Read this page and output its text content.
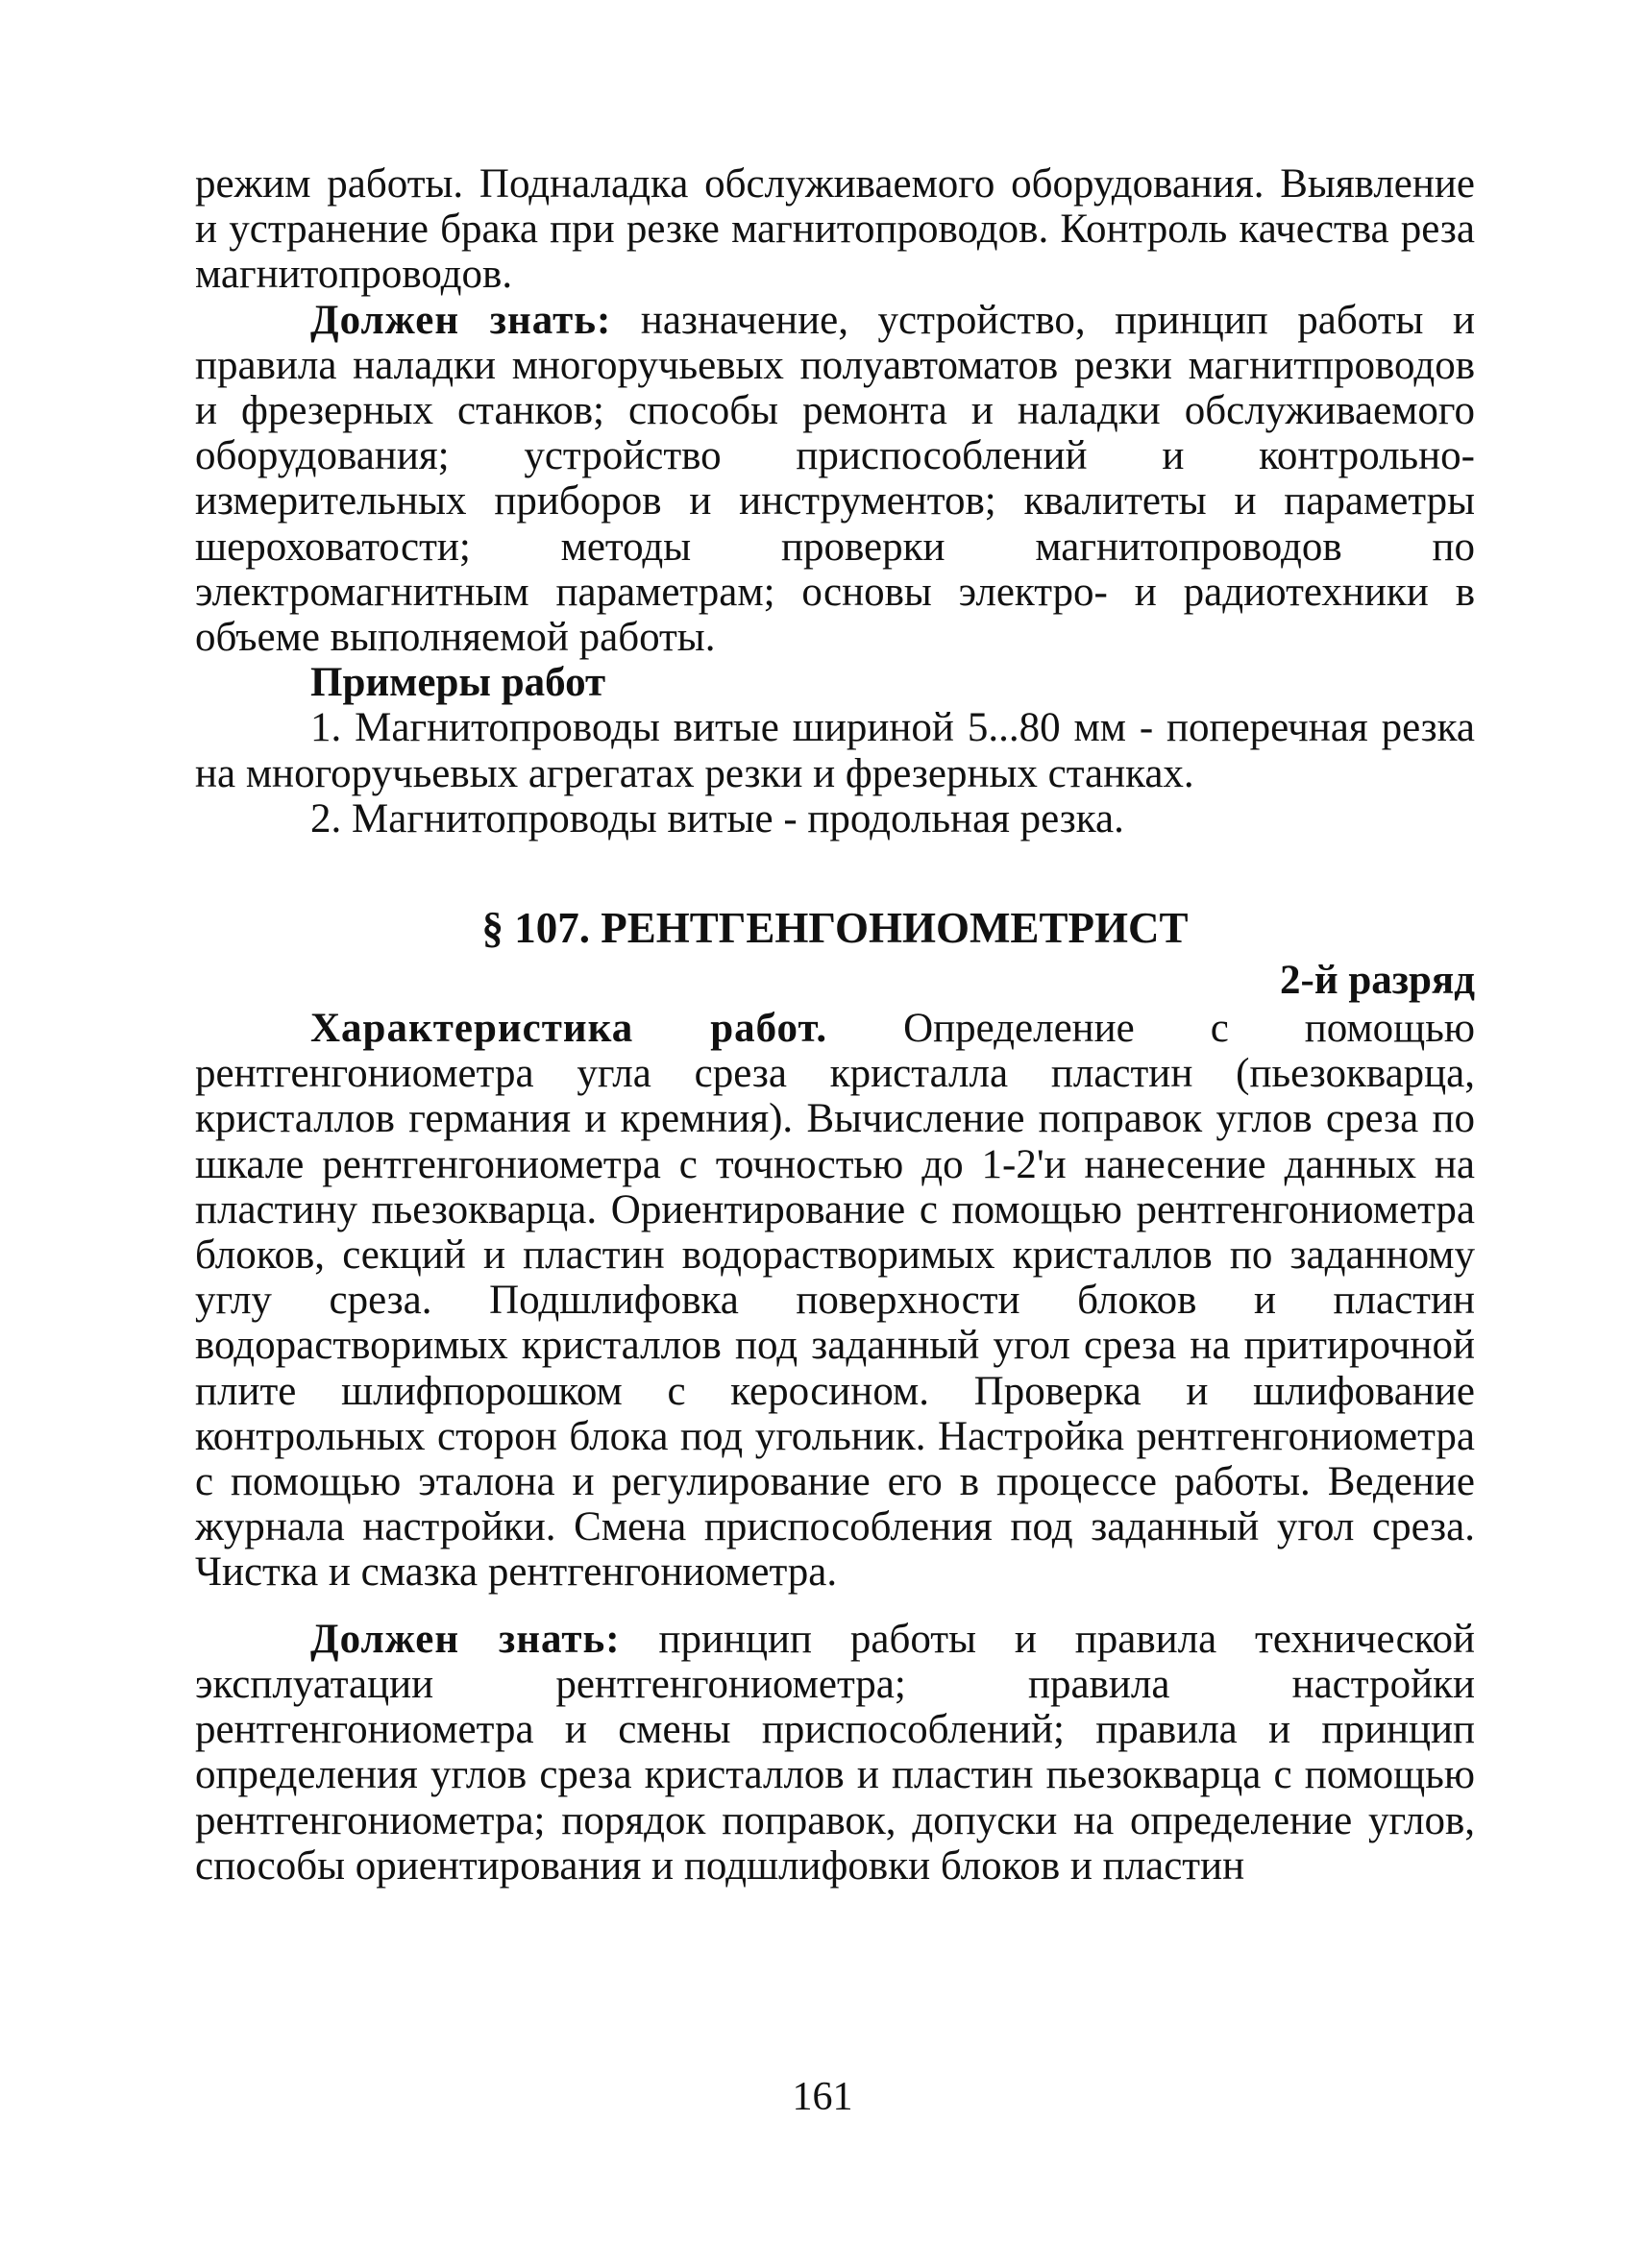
режим работы. Подналадка обслуживаемого оборудования. Выявление и устранение брака при резке магнитопроводов. Контроль качества реза магнитопроводов.

Должен знать: назначение, устройство, принцип работы и правила наладки многоручьевых полуавтоматов резки магнитпроводов и фрезерных станков; способы ремонта и наладки обслуживаемого оборудования; устройство приспособлений и контрольно-измерительных приборов и инструментов; квалитеты и параметры шероховатости; методы проверки магнитопроводов по электромагнитным параметрам; основы электро- и радиотехники в объеме выполняемой работы.

Примеры работ

1. Магнитопроводы витые шириной 5...80 мм - поперечная резка на многоручьевых агрегатах резки и фрезерных станках.

2. Магнитопроводы витые - продольная резка.

§ 107. РЕНТГЕНГОНИОМЕТРИСТ

2-й разряд

Характеристика работ. Определение с помощью рентгенгониометра угла среза кристалла пластин (пьезокварца, кристаллов германия и кремния). Вычисление поправок углов среза по шкале рентгенгониометра с точностью до 1-2'и нанесение данных на пластину пьезокварца. Ориентирование с помощью рентгенгониометра блоков, секций и пластин водорастворимых кристаллов по заданному углу среза. Подшлифовка поверхности блоков и пластин водорастворимых кристаллов под заданный угол среза на притирочной плите шлифпорошком с керосином. Проверка и шлифование контрольных сторон блока под угольник. Настройка рентгенгониометра с помощью эталона и регулирование его в процессе работы. Ведение журнала настройки. Смена приспособления под заданный угол среза. Чистка и смазка рентгенгониометра.

Должен знать: принцип работы и правила технической эксплуатации рентгенгониометра; правила настройки рентгенгониометра и смены приспособлений; правила и принцип определения углов среза кристаллов и пластин пьезокварца с помощью рентгенгониометра; порядок поправок, допуски на определение углов, способы ориентирования и подшлифовки блоков и пластин

161
